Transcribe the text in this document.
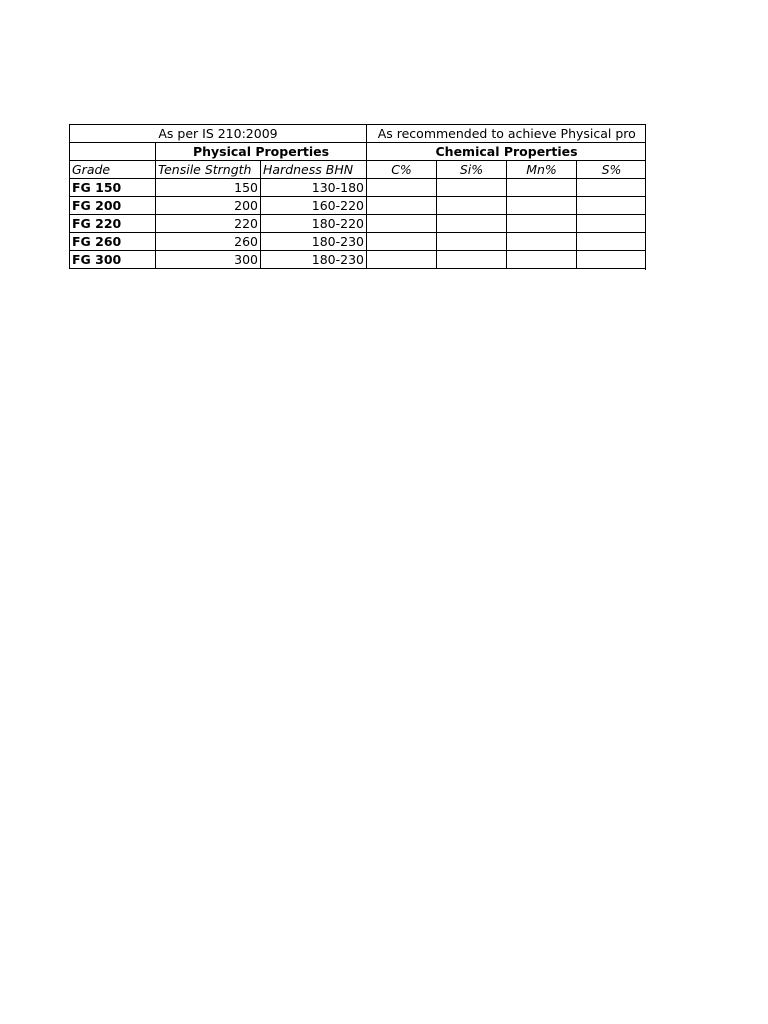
As per IS 210:2009			As recommended to achieve Physical pro			
	Physical Properties		Chemical Properties			
Grade	Tensile Strngth	Hardness BHN	C%	Si%	Mn%	S%
FG 150	150	130-180				
FG 200	200	160-220				
FG 220	220	180-220				
FG 260	260	180-230				
FG 300	300	180-230				
